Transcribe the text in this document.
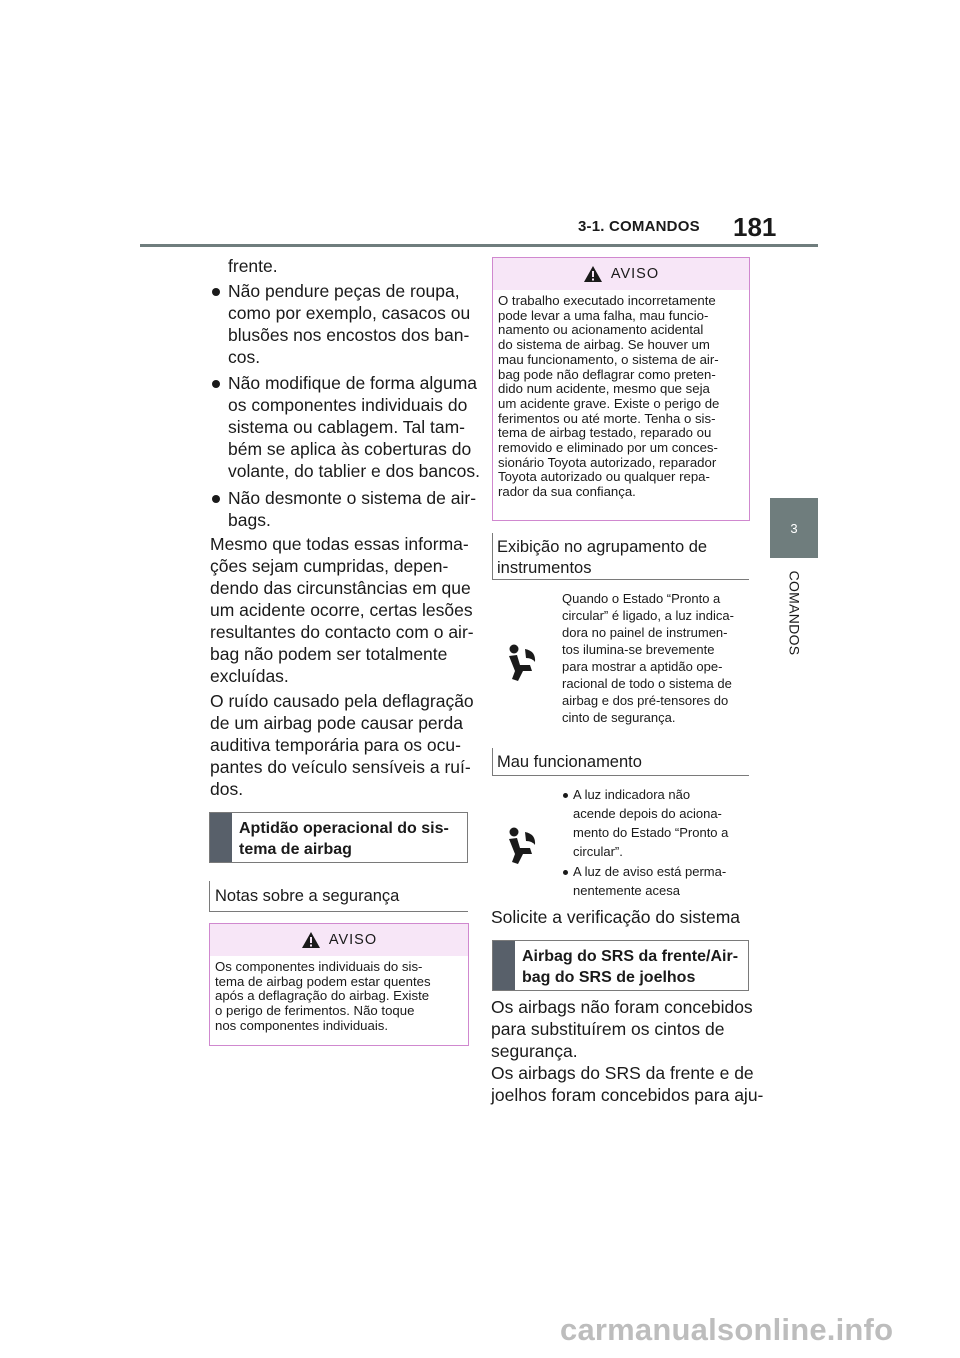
3-1. COMANDOS 181
3
COMANDOS
frente.
Não pendure peças de roupa,
como por exemplo, casacos ou
blusões nos encostos dos ban-
cos.
Não modifique de forma alguma
os componentes individuais do
sistema ou cablagem. Tal tam-
bém se aplica às coberturas do
volante, do tablier e dos bancos.
Não desmonte o sistema de air-
bags.
Mesmo que todas essas informa-
ções sejam cumpridas, depen-
dendo das circunstâncias em que
um acidente ocorre, certas lesões
resultantes do contacto com o air-
bag não podem ser totalmente
excluídas.
O ruído causado pela deflagração
de um airbag pode causar perda
auditiva temporária para os ocu-
pantes do veículo sensíveis a ruí-
dos.
Aptidão operacional do sis-
tema de airbag
Notas sobre a segurança
AVISO
Os componentes individuais do sis-
tema de airbag podem estar quentes
após a deflagração do airbag. Existe
o perigo de ferimentos. Não toque
nos componentes individuais.
AVISO
O trabalho executado incorretamente
pode levar a uma falha, mau funcio-
namento ou acionamento acidental
do sistema de airbag. Se houver um
mau funcionamento, o sistema de air-
bag pode não deflagrar como preten-
dido num acidente, mesmo que seja
um acidente grave. Existe o perigo de
ferimentos ou até morte. Tenha o sis-
tema de airbag testado, reparado ou
removido e eliminado por um conces-
sionário Toyota autorizado, reparador
Toyota autorizado ou qualquer repa-
rador da sua confiança.
Exibição no agrupamento de
instrumentos
Quando o Estado “Pronto a
circular” é ligado, a luz indica-
dora no painel de instrumen-
tos ilumina-se brevemente
para mostrar a aptidão ope-
racional de todo o sistema de
airbag e dos pré-tensores do
cinto de segurança.
Mau funcionamento
A luz indicadora não
acende depois do aciona-
mento do Estado “Pronto a
circular”.
A luz de aviso está perma-
nentemente acesa
Solicite a verificação do sistema
Airbag do SRS da frente/Air-
bag do SRS de joelhos
Os airbags não foram concebidos
para substituírem os cintos de
segurança.
Os airbags do SRS da frente e de
joelhos foram concebidos para aju-
carmanualsonline.info
